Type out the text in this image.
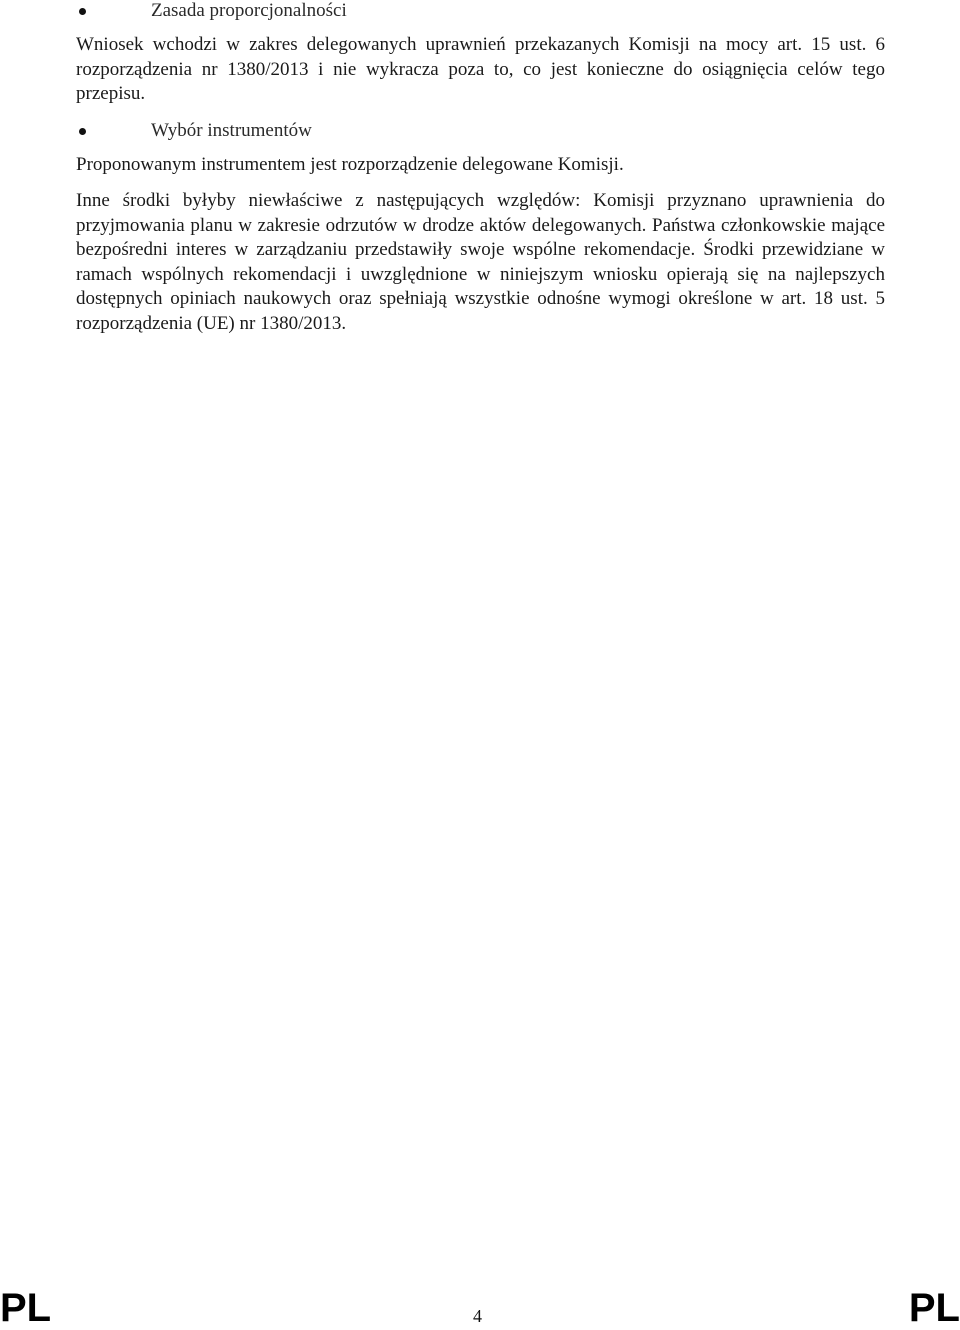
Zasada proporcjonalności

Wniosek wchodzi w zakres delegowanych uprawnień przekazanych Komisji na mocy art. 15 ust. 6 rozporządzenia nr 1380/2013 i nie wykracza poza to, co jest konieczne do osiągnięcia celów tego przepisu.

Wybór instrumentów

Proponowanym instrumentem jest rozporządzenie delegowane Komisji.

Inne środki byłyby niewłaściwe z następujących względów: Komisji przyznano uprawnienia do przyjmowania planu w zakresie odrzutów w drodze aktów delegowanych. Państwa członkowskie mające bezpośredni interes w zarządzaniu przedstawiły swoje wspólne rekomendacje. Środki przewidziane w ramach wspólnych rekomendacji i uwzględnione w niniejszym wniosku opierają się na najlepszych dostępnych opiniach naukowych oraz spełniają wszystkie odnośne wymogi określone w art. 18 ust. 5 rozporządzenia (UE) nr 1380/2013.

PL	4	PL
